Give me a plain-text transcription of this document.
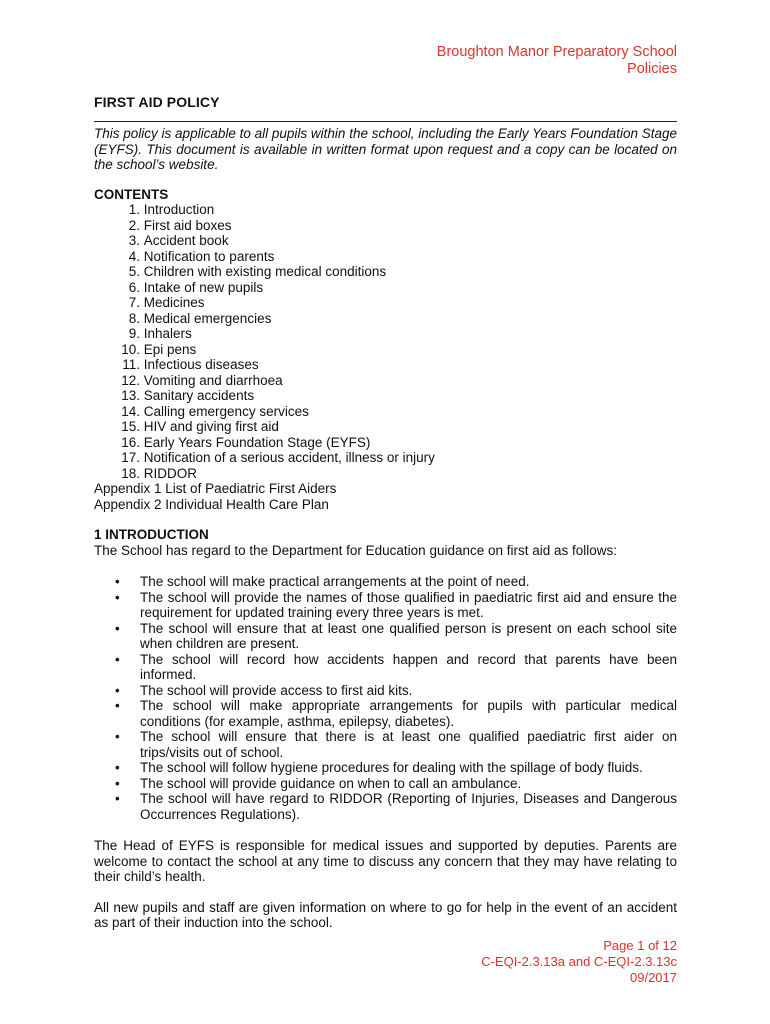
Broughton Manor Preparatory School
Policies
FIRST AID POLICY

This policy is applicable to all pupils within the school, including the Early Years Foundation Stage (EYFS). This document is available in written format upon request and a copy can be located on the school’s website.

CONTENTS

1.
Introduction
2.
First aid boxes
3.
Accident book
4.
Notification to parents
5.
Children with existing medical conditions
6.
Intake of new pupils
7.
Medicines
8.
Medical emergencies
9.
Inhalers
10.
Epi pens
11.
Infectious diseases
12.
Vomiting and diarrhoea
13.
Sanitary accidents
14.
Calling emergency services
15.
HIV and giving first aid
16.
Early Years Foundation Stage (EYFS)
17.
Notification of a serious accident, illness or injury
18.
RIDDOR

Appendix 1 List of Paediatric First Aiders

Appendix 2 Individual Health Care Plan

1 INTRODUCTION

The School has regard to the Department for Education guidance on first aid as follows:

• The school will make practical arrangements at the point of need.
• The school will provide the names of those qualified in paediatric first aid and ensure the requirement for updated training every three years is met.
• The school will ensure that at least one qualified person is present on each school site when children are present.
• The school will record how accidents happen and record that parents have been informed.
• The school will provide access to first aid kits.
• The school will make appropriate arrangements for pupils with particular medical conditions (for example, asthma, epilepsy, diabetes).
• The school will ensure that there is at least one qualified paediatric first aider on trips/visits out of school.
• The school will follow hygiene procedures for dealing with the spillage of body fluids.
• The school will provide guidance on when to call an ambulance.
• The school will have regard to RIDDOR (Reporting of Injuries, Diseases and Dangerous Occurrences Regulations).

The Head of EYFS is responsible for medical issues and supported by deputies. Parents are welcome to contact the school at any time to discuss any concern that they may have relating to their child’s health.

All new pupils and staff are given information on where to go for help in the event of an accident as part of their induction into the school.

Page 1 of 12
C-EQI-2.3.13a and C-EQI-2.3.13c
09/2017
